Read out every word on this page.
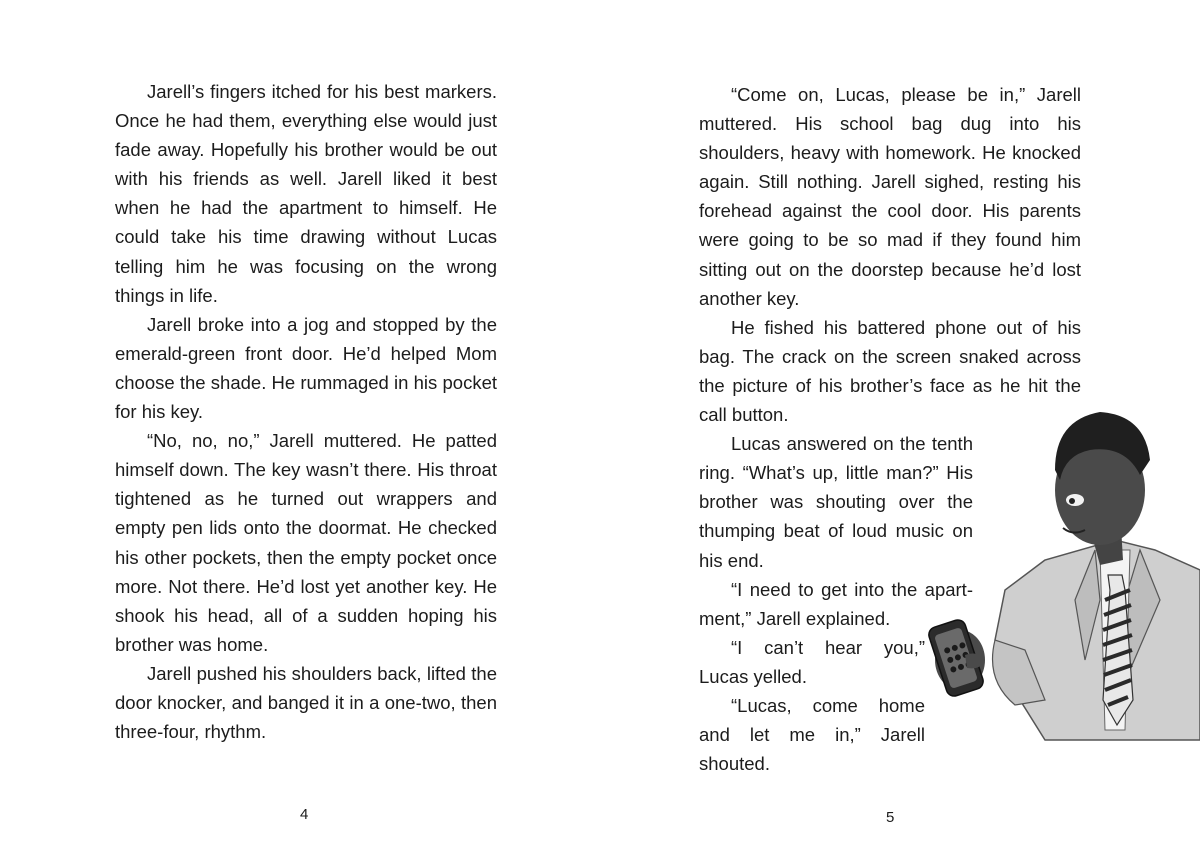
Jarell’s fingers itched for his best markers. Once he had them, everything else would just fade away. Hopefully his brother would be out with his friends as well. Jarell liked it best when he had the apartment to himself. He could take his time drawing without Lucas telling him he was focusing on the wrong things in life.

Jarell broke into a jog and stopped by the emerald-green front door. He’d helped Mom choose the shade. He rummaged in his pocket for his key.

“No, no, no,” Jarell muttered. He patted himself down. The key wasn’t there. His throat tightened as he turned out wrappers and empty pen lids onto the doormat. He checked his other pockets, then the empty pocket once more. Not there. He’d lost yet another key. He shook his head, all of a sudden hoping his brother was home.

Jarell pushed his shoulders back, lifted the door knocker, and banged it in a one-two, then three-four, rhythm.

4

“Come on, Lucas, please be in,” Jarell muttered. His school bag dug into his shoulders, heavy with homework. He knocked again. Still nothing. Jarell sighed, resting his forehead against the cool door. His parents were going to be so mad if they found him sitting out on the doorstep because he’d lost another key.

He fished his battered phone out of his bag. The crack on the screen snaked across the picture of his brother’s face as he hit the call button.

Lucas answered on the tenth ring. “What’s up, little man?” His brother was shouting over the thumping beat of loud music on his end.

“I need to get into the apartment,” Jarell explained.

“I can’t hear you,” Lucas yelled.

“Lucas, come home and let me in,” Jarell shouted.

5
